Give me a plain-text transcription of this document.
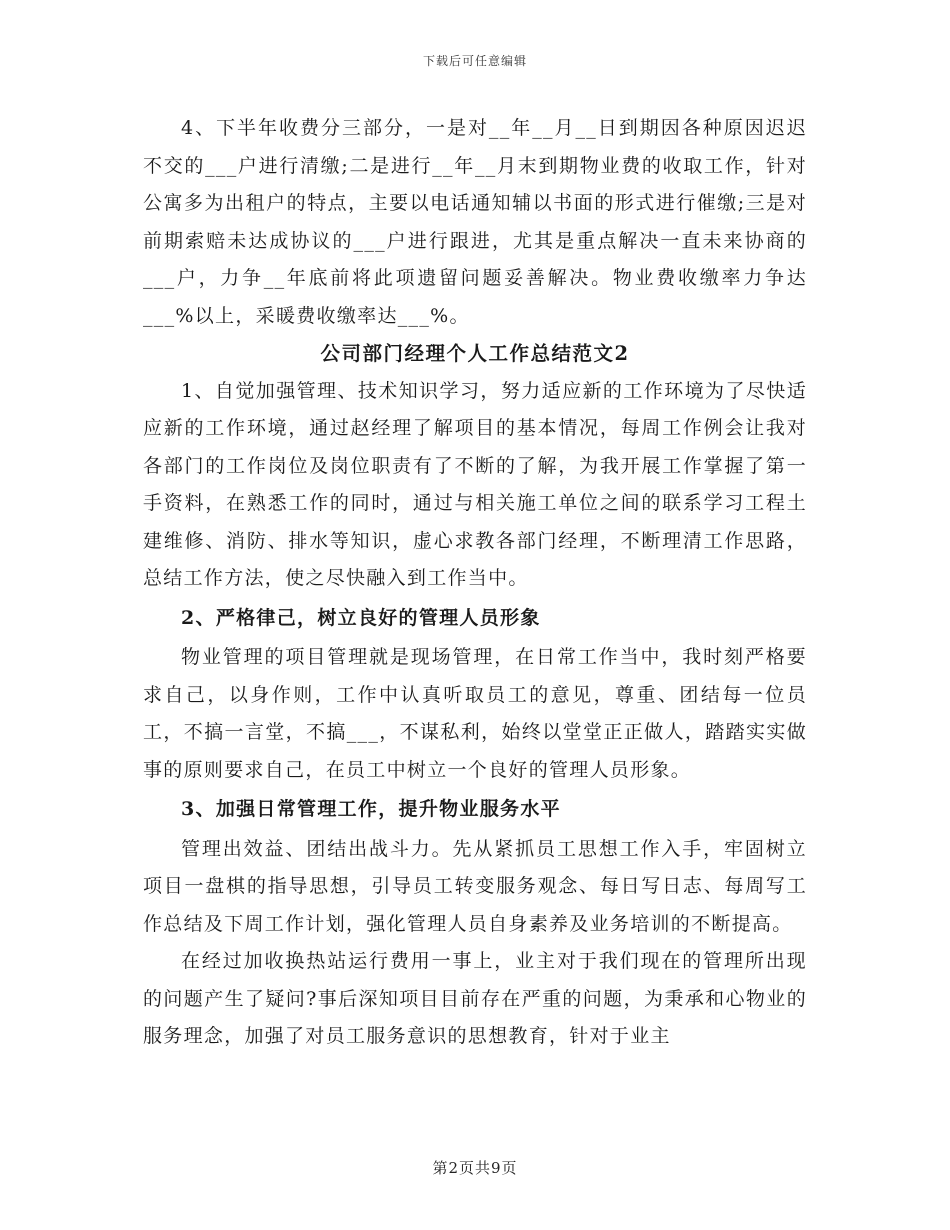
下载后可任意编辑

4、下半年收费分三部分，一是对__年__月__日到期因各种原因迟迟不交的___户进行清缴;二是进行__年__月末到期物业费的收取工作，针对公寓多为出租户的特点，主要以电话通知辅以书面的形式进行催缴;三是对前期索赔未达成协议的___户进行跟进，尤其是重点解决一直未来协商的___户，力争__年底前将此项遗留问题妥善解决。物业费收缴率力争达___%以上，采暖费收缴率达___%。

公司部门经理个人工作总结范文2

1、自觉加强管理、技术知识学习，努力适应新的工作环境为了尽快适应新的工作环境，通过赵经理了解项目的基本情况，每周工作例会让我对各部门的工作岗位及岗位职责有了不断的了解，为我开展工作掌握了第一手资料，在熟悉工作的同时，通过与相关施工单位之间的联系学习工程土建维修、消防、排水等知识，虚心求教各部门经理，不断理清工作思路，总结工作方法，使之尽快融入到工作当中。

2、严格律己，树立良好的管理人员形象

物业管理的项目管理就是现场管理，在日常工作当中，我时刻严格要求自己，以身作则，工作中认真听取员工的意见，尊重、团结每一位员工，不搞一言堂，不搞___，不谋私利，始终以堂堂正正做人，踏踏实实做事的原则要求自己，在员工中树立一个良好的管理人员形象。

3、加强日常管理工作，提升物业服务水平

管理出效益、团结出战斗力。先从紧抓员工思想工作入手，牢固树立项目一盘棋的指导思想，引导员工转变服务观念、每日写日志、每周写工作总结及下周工作计划，强化管理人员自身素养及业务培训的不断提高。

在经过加收换热站运行费用一事上，业主对于我们现在的管理所出现的问题产生了疑问?事后深知项目目前存在严重的问题，为秉承和心物业的服务理念，加强了对员工服务意识的思想教育，针对于业主

第2页共9页
